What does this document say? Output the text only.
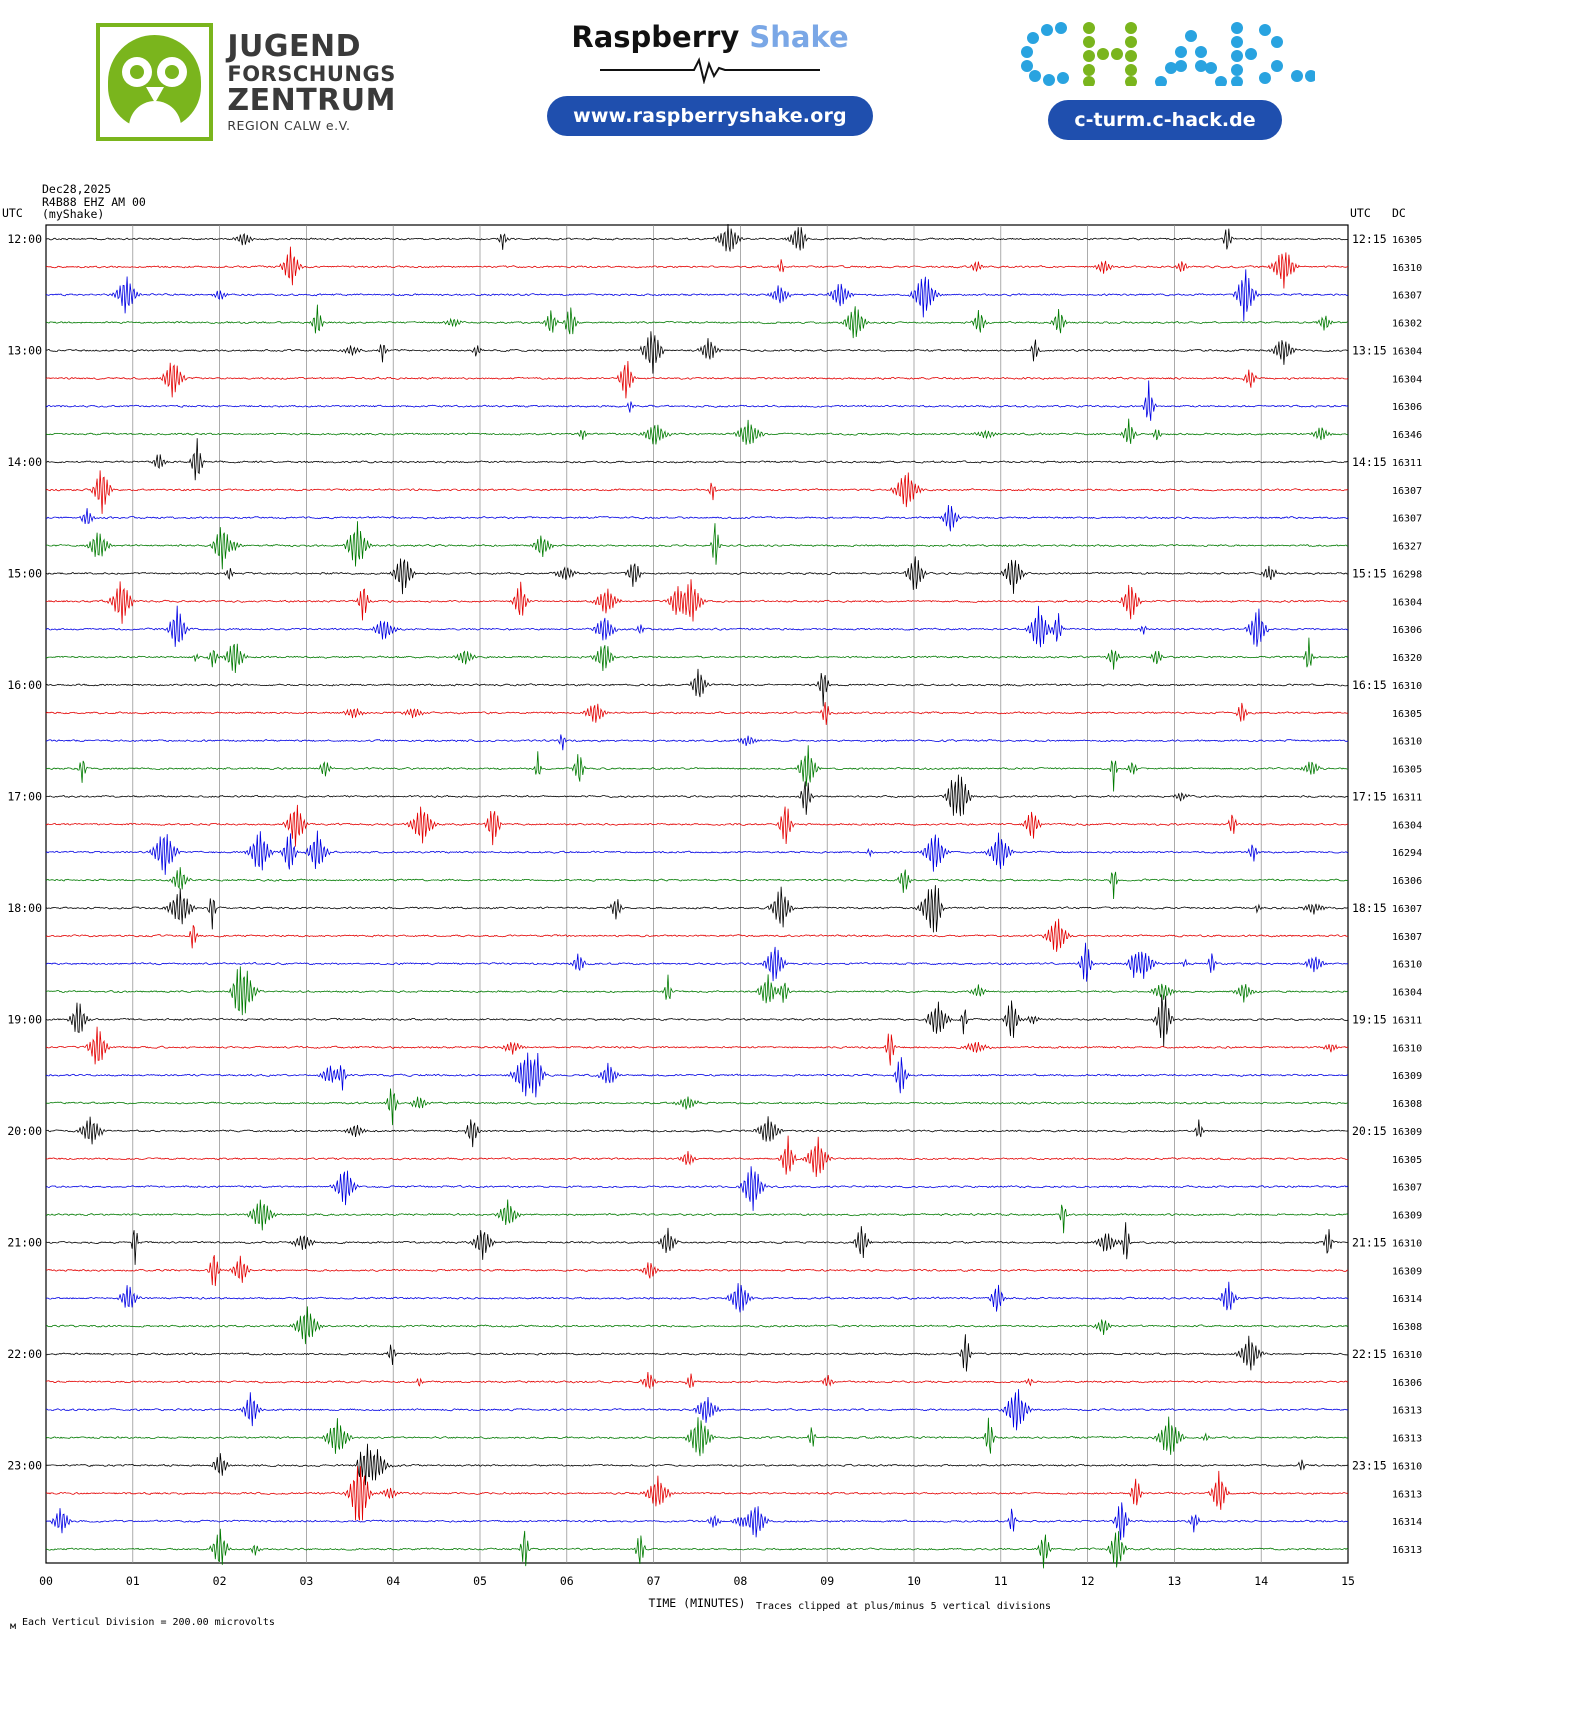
JUGEND
FORSCHUNGS
ZENTRUM
REGION CALW e.V.
Raspberry Shake
www.raspberryshake.org	c-turm.c-hack.de
Dec28,2025
R4B88 EHZ AM 00
(myShake)
00	01	02	03	04	05	06	07	08	09	10	11	12	13	14	15
12:00	12:15 16305
16310
16307
16302
13:00	13:15 16304
16304
16306
16346
14:00	14:15 16311
16307
16307
16327
15:00	15:15 16298
16304
16306
16320
16:00	16:15 16310
16305
16310
16305
17:00	17:15 16311
16304
16294
16306
18:00	18:15 16307
16307
16310
16304
19:00	19:15 16311
16310
16309
16308
20:00	20:15 16309
16305
16307
16309
21:00	21:15 16310
16309
16314
16308
22:00	22:15 16310
16306
16313
16313
23:00	23:15 16310
16313
16314
16313
UTC	UTC DC
TIME (MINUTES)
Each Verticul Division = 200.00 microvolts
Traces clipped at plus/minus 5 vertical divisions
м
